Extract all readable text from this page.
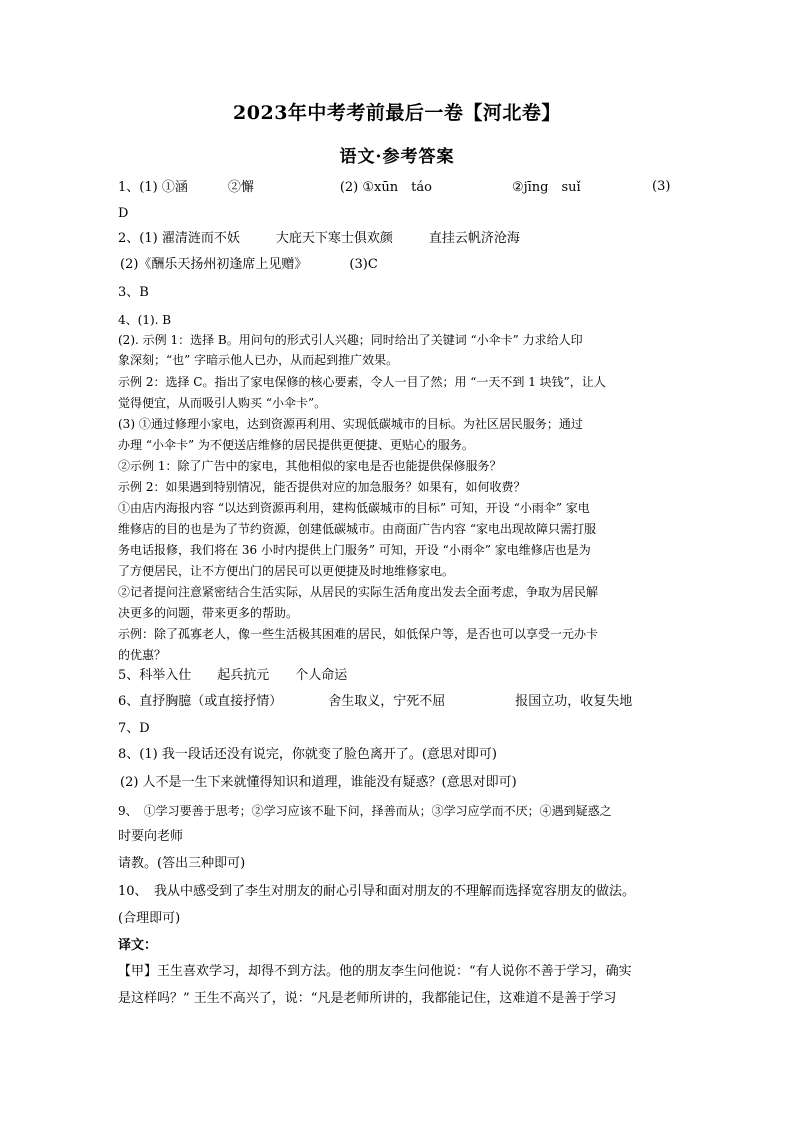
2023年中考考前最后一卷【河北卷】
语文·参考答案
1、(1) ①涵	②懈	(2) ①xūn　táo	②jīng　suǐ	(3)
D
2、(1) 濯清涟而不妖	大庇天下寒士俱欢颜	直挂云帆济沧海
(2)《酬乐天扬州初逢席上见赠》	(3)C
3、B
4、(1). B
(2). 示例 1：选择 B。用问句的形式引人兴趣；同时给出了关键词 “小伞卡” 力求给人印
象深刻；“也” 字暗示他人已办，从而起到推广效果。
示例 2：选择 C。指出了家电保修的核心要素，令人一目了然；用 “一天不到 1 块钱”，让人
觉得便宜，从而吸引人购买 “小伞卡”。
(3) ①通过修理小家电，达到资源再利用、实现低碳城市的目标。为社区居民服务；通过
办理 “小伞卡” 为不便送店维修的居民提供更便捷、更贴心的服务。
②示例 1：除了广告中的家电，其他相似的家电是否也能提供保修服务？
示例 2：如果遇到特别情况，能否提供对应的加急服务？如果有，如何收费？
①由店内海报内容 “以达到资源再利用，建构低碳城市的目标” 可知，开设 “小雨伞” 家电
维修店的目的也是为了节约资源，创建低碳城市。由商面广告内容 “家电出现故障只需打服
务电话报修，我们将在 36 小时内提供上门服务” 可知，开设 “小雨伞” 家电维修店也是为
了方便居民，让不方便出门的居民可以更便捷及时地维修家电。
②记者提问注意紧密结合生活实际，从居民的实际生活角度出发去全面考虑，争取为居民解
决更多的问题，带来更多的帮助。
示例：除了孤寡老人，像一些生活极其困难的居民，如低保户等，是否也可以享受一元办卡
的优惠？
5、科举入仕 起兵抗元 个人命运
6、直抒胸臆（或直接抒情）	舍生取义，宁死不屈	报国立功，收复失地
7、D
8、(1) 我一段话还没有说完，你就变了脸色离开了。(意思对即可)
(2) 人不是一生下来就懂得知识和道理，谁能没有疑惑？(意思对即可)
9、　①学习要善于思考；②学习应该不耻下问，择善而从；③学习应学而不厌；④遇到疑惑之
时要向老师
请教。(答出三种即可)
10、　我从中感受到了李生对朋友的耐心引导和面对朋友的不理解而选择宽容朋友的做法。
(合理即可)
译文：
【甲】王生喜欢学习，却得不到方法。他的朋友李生问他说：“有人说你不善于学习，确实
是这样吗？” 王生不高兴了，说：“凡是老师所讲的，我都能记住，这难道不是善于学习
